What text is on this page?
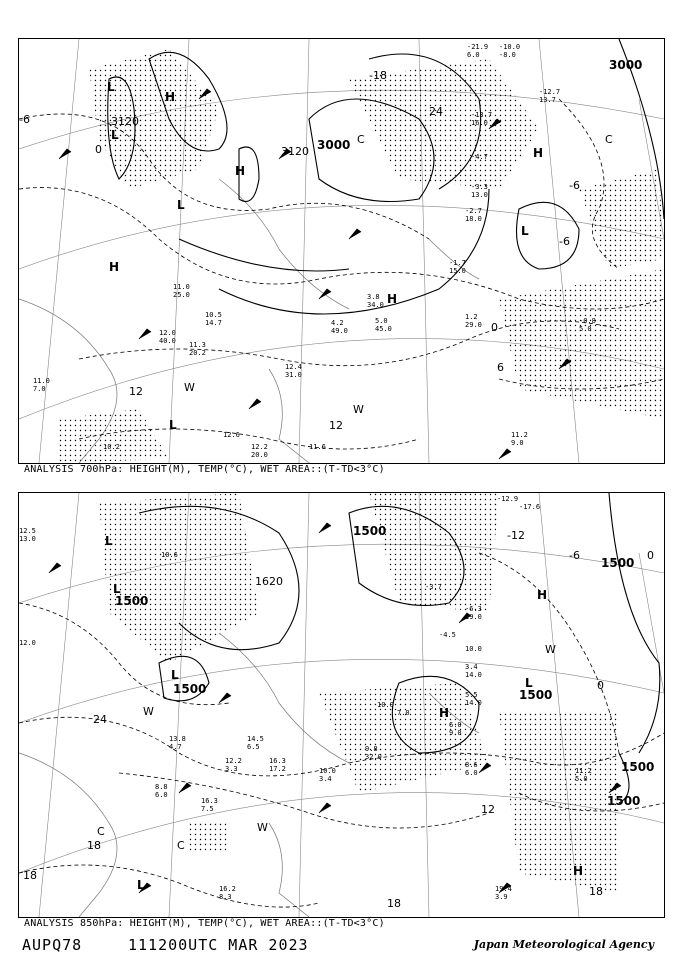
3000
3000
3120
3120
H
H
H
H
H
L
L
L
L
L
W
W
C	C
-6
-6
-6
0
0
6
12
12
24
-18
-21.9
6.0
-10.0
-8.0
-12.7
13.7
-13.7
16.0
-4.7
-3.3
13.0
-2.7
18.0
-1.7
15.0
1.2
29.0	-0.8
5.0
3.8
34.0
5.0
45.0
4.2
49.0
12.0
40.0 11.3
20.2
10.5
14.7
11.0
25.0
12.4
31.0
12.2
20.0
11.6
12.6	11.2
9.0
10.2
11.0
7.0
ANALYSIS 700hPa: HEIGHT(M), TEMP(°C), WET AREA::(T-TD<3°C)
1500
1500
1500
1500
1500
1500
1500
1620
H
H
H
L
L
L
L
L
W
W
W
C
C
-12
-6
0
0
12
18
18
18
18
24
-12.9
-17.6
-3.7
-6.3
19.0
-4.5
10.0
3.4
14.0
5.5
14.0
6.0
9.0
8.6
6.0	11.2
5.0
10.0
7.0
9.8
32.0
10.0
3.4
14.5
6.5
12.2
3.3
16.3
17.2
16.3
7.5
19.4
3.9
16.2
8.3
8.8
6.0
13.8
4.7
12.0
10.6
12.5
13.0
ANALYSIS 850hPa: HEIGHT(M), TEMP(°C), WET AREA::(T-TD<3°C)
AUPQ78	111200UTC MAR 2023	Japan Meteorological Agency
